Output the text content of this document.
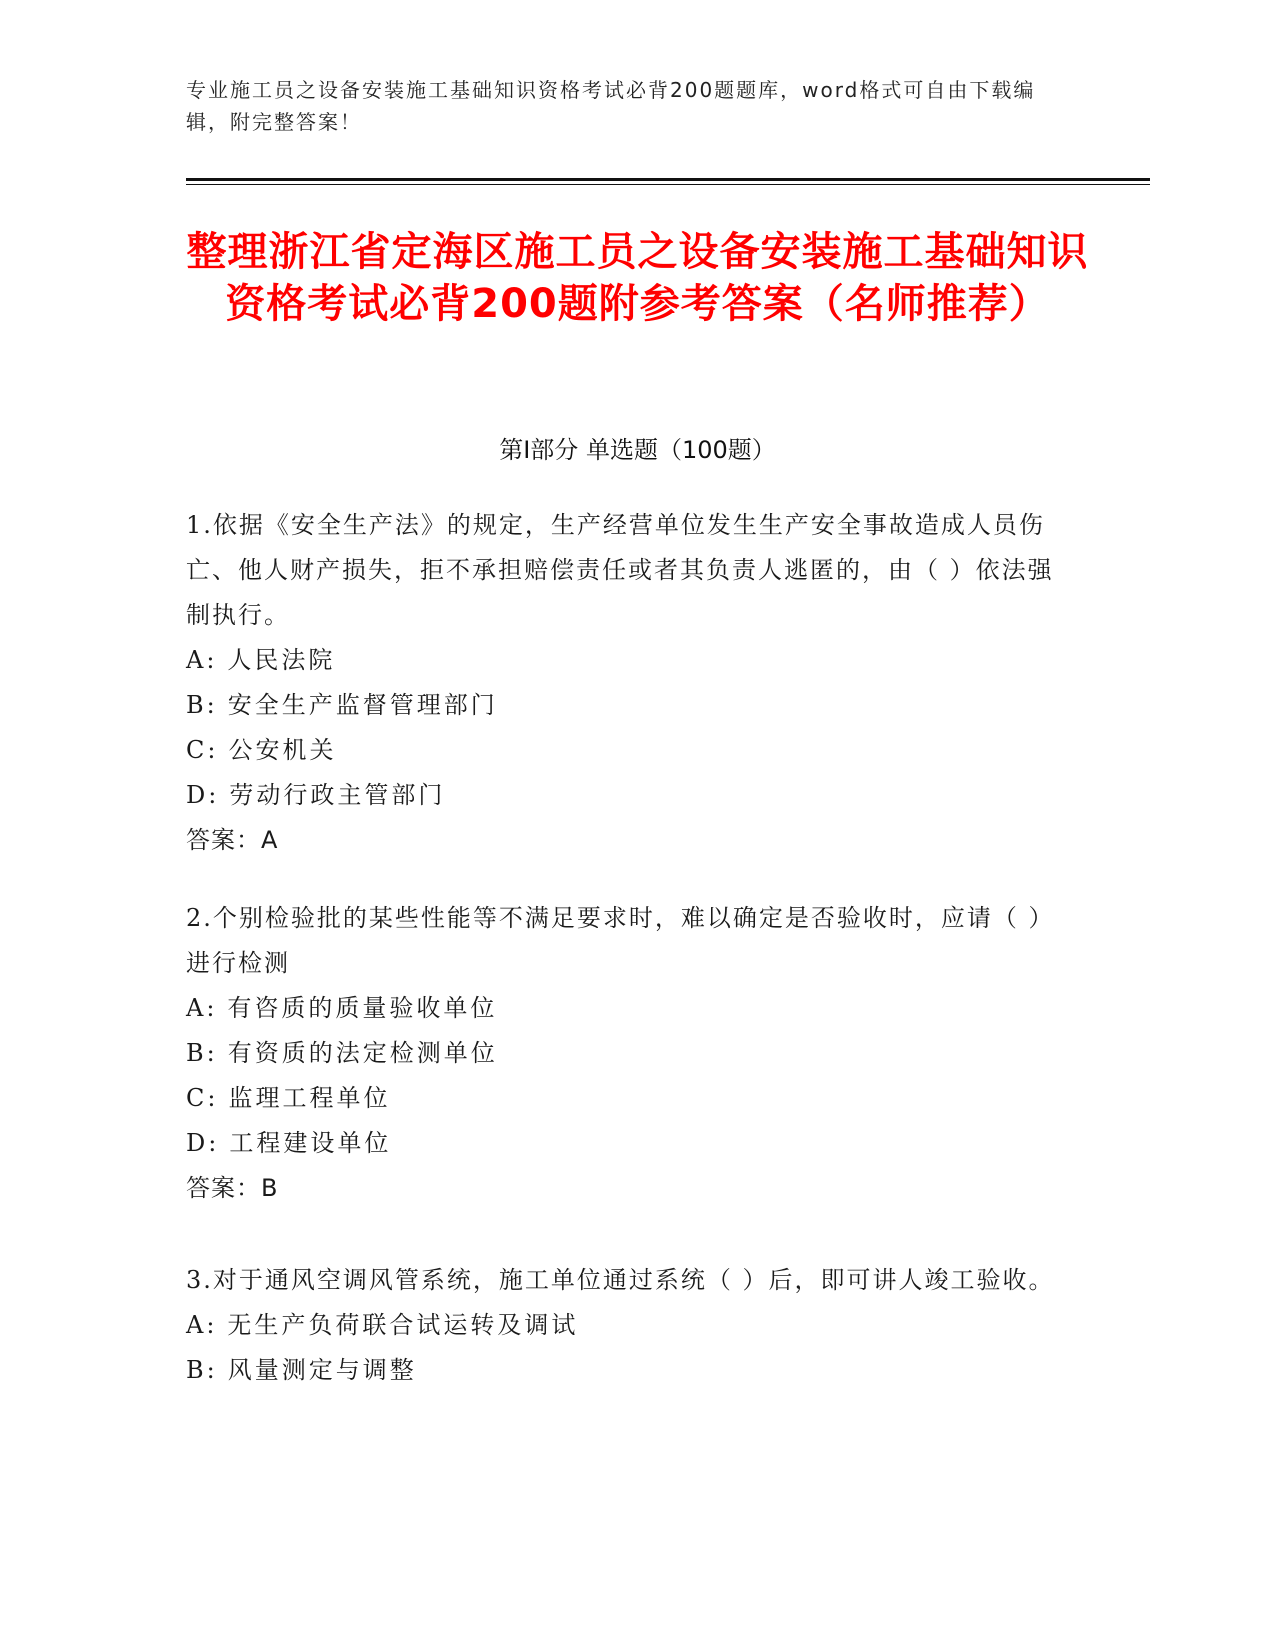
专业施工员之设备安装施工基础知识资格考试必背200题题库，word格式可自由下载编辑，附完整答案！
整理浙江省定海区施工员之设备安装施工基础知识资格考试必背200题附参考答案（名师推荐）
第I部分 单选题（100题）
1.依据《安全生产法》的规定，生产经营单位发生生产安全事故造成人员伤亡、他人财产损失，拒不承担赔偿责任或者其负责人逃匿的，由（ ）依法强制执行。
A: 人民法院
B: 安全生产监督管理部门
C: 公安机关
D: 劳动行政主管部门
答案：A
2.个别检验批的某些性能等不满足要求时，难以确定是否验收时，应请（ ）进行检测
A: 有咨质的质量验收单位
B: 有资质的法定检测单位
C: 监理工程单位
D: 工程建设单位
答案：B
3.对于通风空调风管系统，施工单位通过系统（ ）后，即可讲人竣工验收。
A: 无生产负荷联合试运转及调试
B: 风量测定与调整
